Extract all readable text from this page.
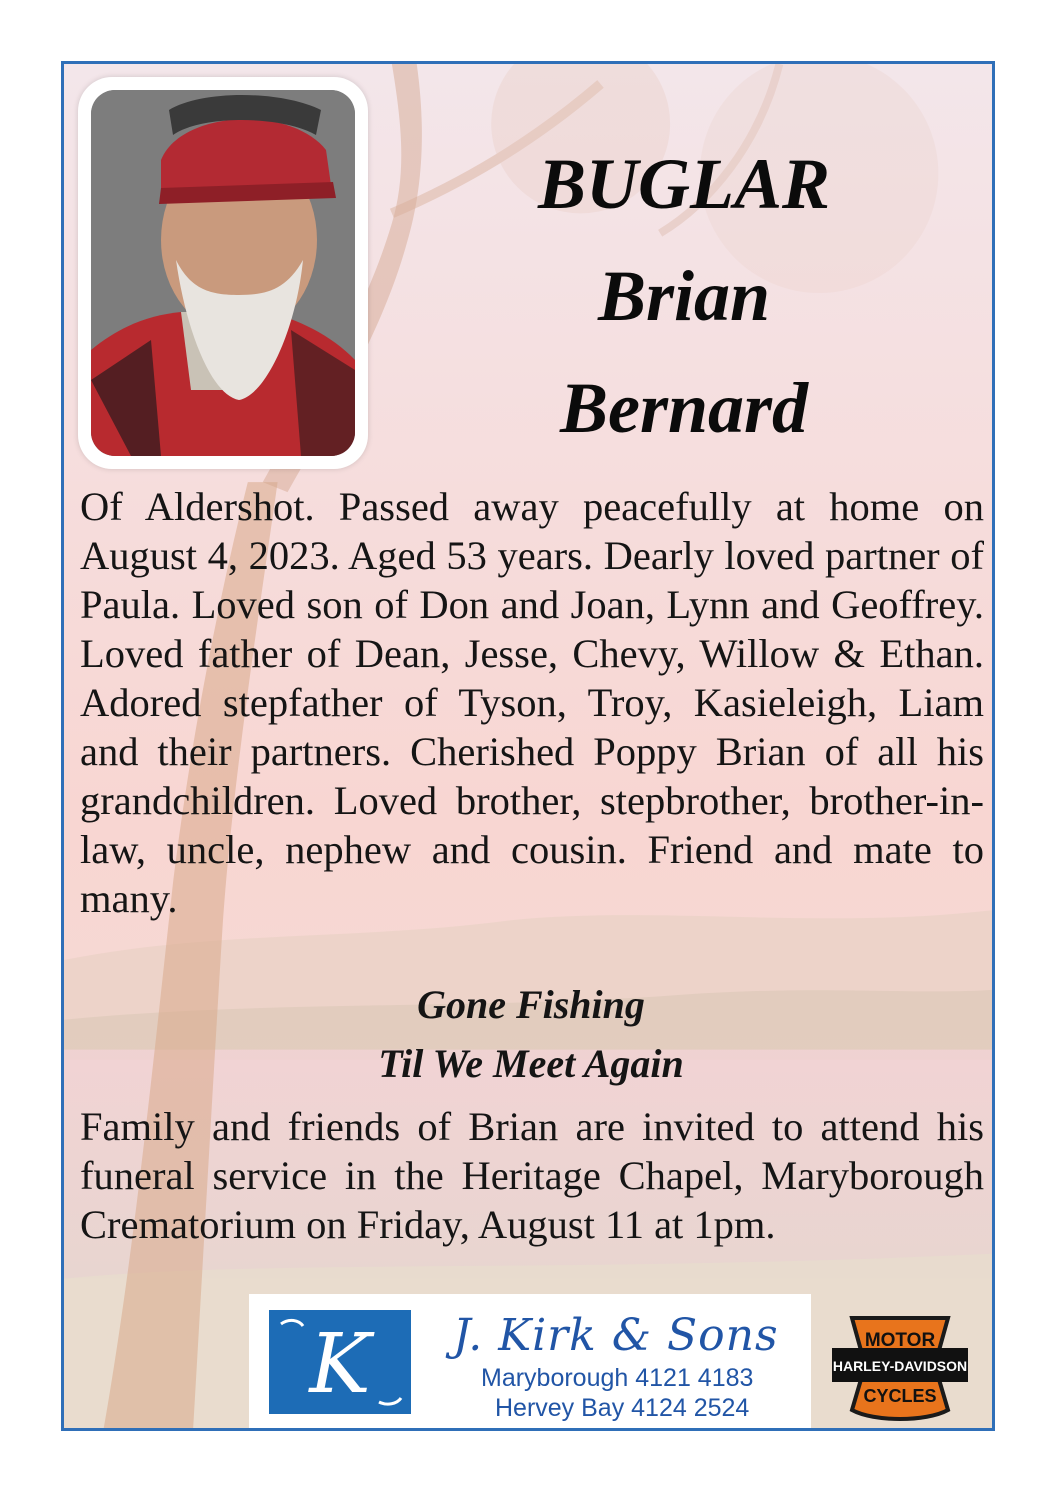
BUGLAR
Brian
Bernard

Of Aldershot. Passed away peacefully at home on August 4, 2023. Aged 53 years. Dearly loved partner of Paula. Loved son of Don and Joan, Lynn and Geoffrey. Loved father of Dean, Jesse, Chevy, Willow & Ethan. Adored stepfather of Tyson, Troy, Kasieleigh, Liam and their partners. Cherished Poppy Brian of all his grandchildren. Loved brother, stepbrother, brother-in-law, uncle, nephew and cousin. Friend and mate to many.

Gone Fishing
Til We Meet Again

Family and friends of Brian are invited to attend his funeral service in the Heritage Chapel, Maryborough Crematorium on Friday, August 11 at 1pm.

K J. Kirk & Sons
Maryborough 4121 4183
Hervey Bay 4124 2524
MOTOR
HARLEY-DAVIDSON
CYCLES
